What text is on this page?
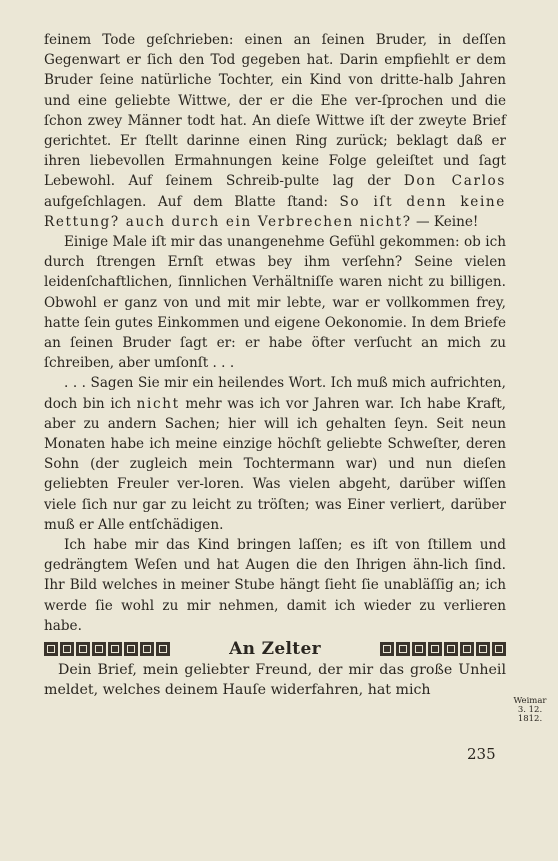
feinem Tode geſchrieben: einen an ſeinen Bruder, in deſſen Gegenwart er ſich den Tod gegeben hat. Darin empfiehlt er dem Bruder ſeine natürliche Tochter, ein Kind von dritte-halb Jahren und eine geliebte Wittwe, der er die Ehe ver-ſprochen und die ſchon zwey Männer todt hat. An dieſe Wittwe iſt der zweyte Brief gerichtet. Er ſtellt darinne einen Ring zurück; beklagt daß er ihren liebevollen Ermahnungen keine Folge geleiſtet und ſagt Lebewohl. Auf ſeinem Schreib-pulte lag der Don Carlos aufgeſchlagen. Auf dem Blatte ſtand: So iſt denn keine Rettung? auch durch ein Verbrechen nicht? — Keine!

Einige Male iſt mir das unangenehme Gefühl gekommen: ob ich durch ſtrengen Ernſt etwas bey ihm verſehn? Seine vielen leidenſchaftlichen, ſinnlichen Verhältniſſe waren nicht zu billigen. Obwohl er ganz von und mit mir lebte, war er vollkommen frey, hatte ſein gutes Einkommen und eigene Oekonomie. In dem Briefe an ſeinen Bruder ſagt er: er habe öfter verſucht an mich zu ſchreiben, aber umſonſt . . .

. . . Sagen Sie mir ein heilendes Wort. Ich muß mich aufrichten, doch bin ich nicht mehr was ich vor Jahren war. Ich habe Kraft, aber zu andern Sachen; hier will ich gehalten ſeyn. Seit neun Monaten habe ich meine einzige höchſt geliebte Schweſter, deren Sohn (der zugleich mein Tochtermann war) und nun dieſen geliebten Freuler ver-loren. Was vielen abgeht, darüber wiſſen viele ſich nur gar zu leicht zu tröſten; was Einer verliert, darüber muß er Alle entſchädigen.

Ich habe mir das Kind bringen laſſen; es iſt von ſtillem und gedrängtem Weſen und hat Augen die den Ihrigen ähn-lich ſind. Ihr Bild welches in meiner Stube hängt ſieht ſie unabläſſig an; ich werde ſie wohl zu mir nehmen, damit ich wieder zu verlieren habe.

An Zelter

Dein Brief, mein geliebter Freund, der mir das große Unheil meldet, welches deinem Hauſe widerfahren, hat mich

Weimar
3. 12.
1812.
235
